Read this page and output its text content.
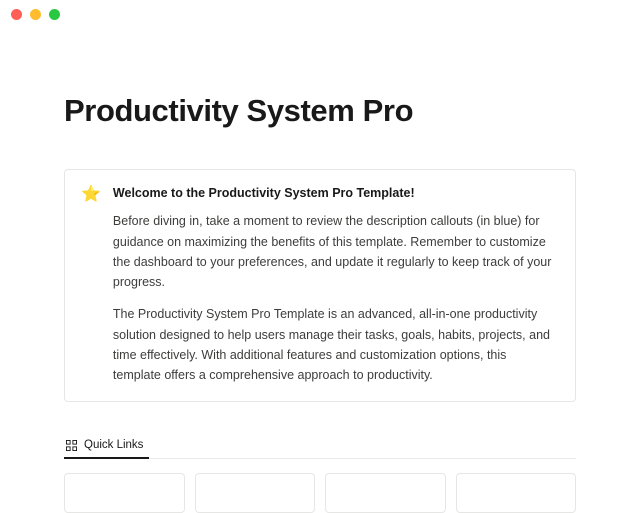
Productivity System Pro
⭐ Welcome to the Productivity System Pro Template!

Before diving in, take a moment to review the description callouts (in blue) for guidance on maximizing the benefits of this template. Remember to customize the dashboard to your preferences, and update it regularly to keep track of your progress.

The Productivity System Pro Template is an advanced, all-in-one productivity solution designed to help users manage their tasks, goals, habits, projects, and time effectively. With additional features and customization options, this template offers a comprehensive approach to productivity.

Quick Links
